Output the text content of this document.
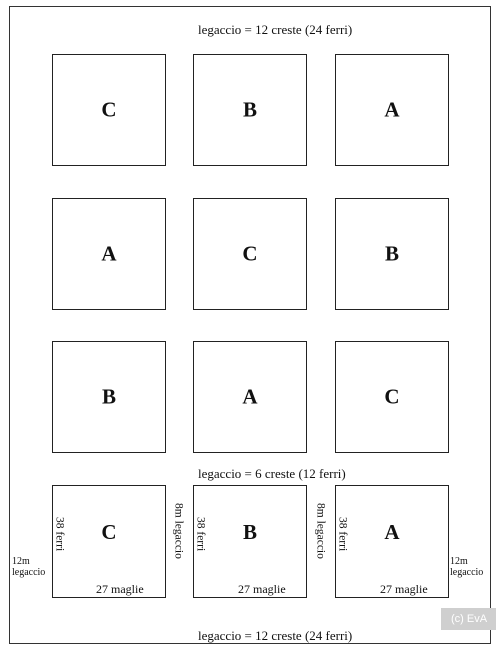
legaccio = 12 creste (24 ferri)
C	B	A
A	C	B
B	A	C
legaccio = 6 creste (12 ferri)
C	B	A
38 ferri	38 ferri	38 ferri
27 maglie	27 maglie	27 maglie
8m legaccio	8m legaccio
12m
legaccio
12m
legaccio
legaccio = 12 creste (24 ferri)
(c) EvA
